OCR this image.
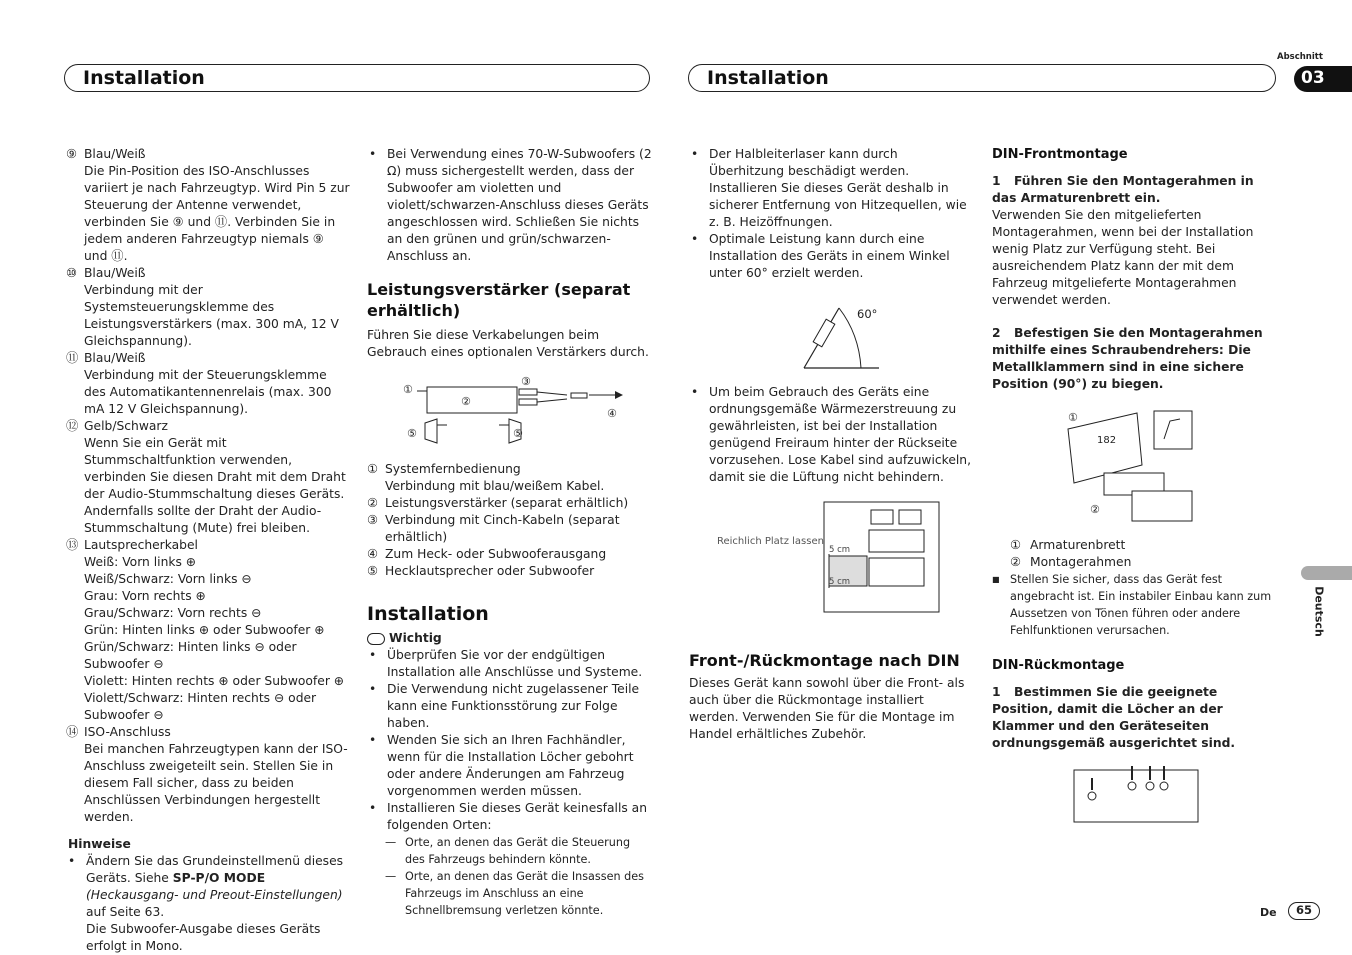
Installation	Installation
Abschnitt
03
Deutsch
⑨ Blau/Weiß

Die Pin-Position des ISO-Anschlusses variiert je nach Fahrzeugtyp. Wird Pin 5 zur Steuerung der Antenne verwendet, verbinden Sie ⑨ und ⑪. Verbinden Sie in jedem anderen Fahrzeugtyp niemals ⑨ und ⑪.

⑩ Blau/Weiß

Verbindung mit der Systemsteuerungsklemme des Leistungsverstärkers (max. 300 mA, 12 V Gleichspannung).

⑪ Blau/Weiß

Verbindung mit der Steuerungsklemme des Automatikantennenrelais (max. 300 mA 12 V Gleichspannung).

⑫ Gelb/Schwarz

Wenn Sie ein Gerät mit Stummschaltfunktion verwenden, verbinden Sie diesen Draht mit dem Draht der Audio-Stummschaltung dieses Geräts. Andernfalls sollte der Draht der Audio-Stummschaltung (Mute) frei bleiben.

⑬ Lautsprecherkabel

Weiß: Vorn links ⊕

Weiß/Schwarz: Vorn links ⊖

Grau: Vorn rechts ⊕

Grau/Schwarz: Vorn rechts ⊖

Grün: Hinten links ⊕ oder Subwoofer ⊕

Grün/Schwarz: Hinten links ⊖ oder Subwoofer ⊖

Violett: Hinten rechts ⊕ oder Subwoofer ⊕

Violett/Schwarz: Hinten rechts ⊖ oder Subwoofer ⊖

⑭ ISO-Anschluss

Bei manchen Fahrzeugtypen kann der ISO-Anschluss zweigeteilt sein. Stellen Sie in diesem Fall sicher, dass zu beiden Anschlüssen Verbindungen hergestellt werden.

Hinweise

• Ändern Sie das Grundeinstellmenü dieses Geräts. Siehe SP-P/O MODE (Heckausgang- und Preout-Einstellungen) auf Seite 63.

Die Subwoofer-Ausgabe dieses Geräts erfolgt in Mono.

• Bei Verwendung eines 70-W-Subwoofers (2 Ω) muss sichergestellt werden, dass der Subwoofer am violetten und violett/schwarzen-Anschluss dieses Geräts angeschlossen wird. Schließen Sie nichts an den grünen und grün/schwarzen-Anschluss an.

Leistungsverstärker (separat erhältlich)

Führen Sie diese Verkabelungen beim Gebrauch eines optionalen Verstärkers durch.

①
②
③
④
⑤	⑤
① Systemfernbedienung

Verbindung mit blau/weißem Kabel.

② Leistungsverstärker (separat erhältlich)

③ Verbindung mit Cinch-Kabeln (separat erhältlich)

④ Zum Heck- oder Subwooferausgang

⑤ Hecklautsprecher oder Subwoofer

Installation

Wichtig

• Überprüfen Sie vor der endgültigen Installation alle Anschlüsse und Systeme.
• Die Verwendung nicht zugelassener Teile kann eine Funktionsstörung zur Folge haben.
• Wenden Sie sich an Ihren Fachhändler, wenn für die Installation Löcher gebohrt oder andere Änderungen am Fahrzeug vorgenommen werden müssen.
• Installieren Sie dieses Gerät keinesfalls an folgenden Orten:
— Orte, an denen das Gerät die Steuerung des Fahrzeugs behindern könnte.
— Orte, an denen das Gerät die Insassen des Fahrzeugs im Anschluss an eine Schnellbremsung verletzen könnte.
• Der Halbleiterlaser kann durch Überhitzung beschädigt werden. Installieren Sie dieses Gerät deshalb in sicherer Entfernung von Hitzequellen, wie z. B. Heizöffnungen.
• Optimale Leistung kann durch eine Installation des Geräts in einem Winkel unter 60° erzielt werden.
60°
• Um beim Gebrauch des Geräts eine ordnungsgemäße Wärmezerstreuung zu gewährleisten, ist bei der Installation genügend Freiraum hinter der Rückseite vorzusehen. Lose Kabel sind aufzuwickeln, damit sie die Lüftung nicht behindern.
Reichlich Platz lassen
5 cm
5 cm

Front-/Rückmontage nach DIN

Dieses Gerät kann sowohl über die Front- als auch über die Rückmontage installiert werden. Verwenden Sie für die Montage im Handel erhältliches Zubehör.

DIN-Frontmontage

1 Führen Sie den Montagerahmen in das Armaturenbrett ein.

Verwenden Sie den mitgelieferten Montagerahmen, wenn bei der Installation wenig Platz zur Verfügung steht. Bei ausreichendem Platz kann der mit dem Fahrzeug mitgelieferte Montagerahmen verwendet werden.

2 Befestigen Sie den Montagerahmen mithilfe eines Schraubendrehers: Die Metallklammern sind in eine sichere Position (90°) zu biegen.

182
①
②
① Armaturenbrett

② Montagerahmen

■ Stellen Sie sicher, dass das Gerät fest angebracht ist. Ein instabiler Einbau kann zum Aussetzen von Tönen führen oder andere Fehlfunktionen verursachen.

DIN-Rückmontage

1 Bestimmen Sie die geeignete Position, damit die Löcher an der Klammer und den Geräteseiten ordnungsgemäß ausgerichtet sind.

De	65
